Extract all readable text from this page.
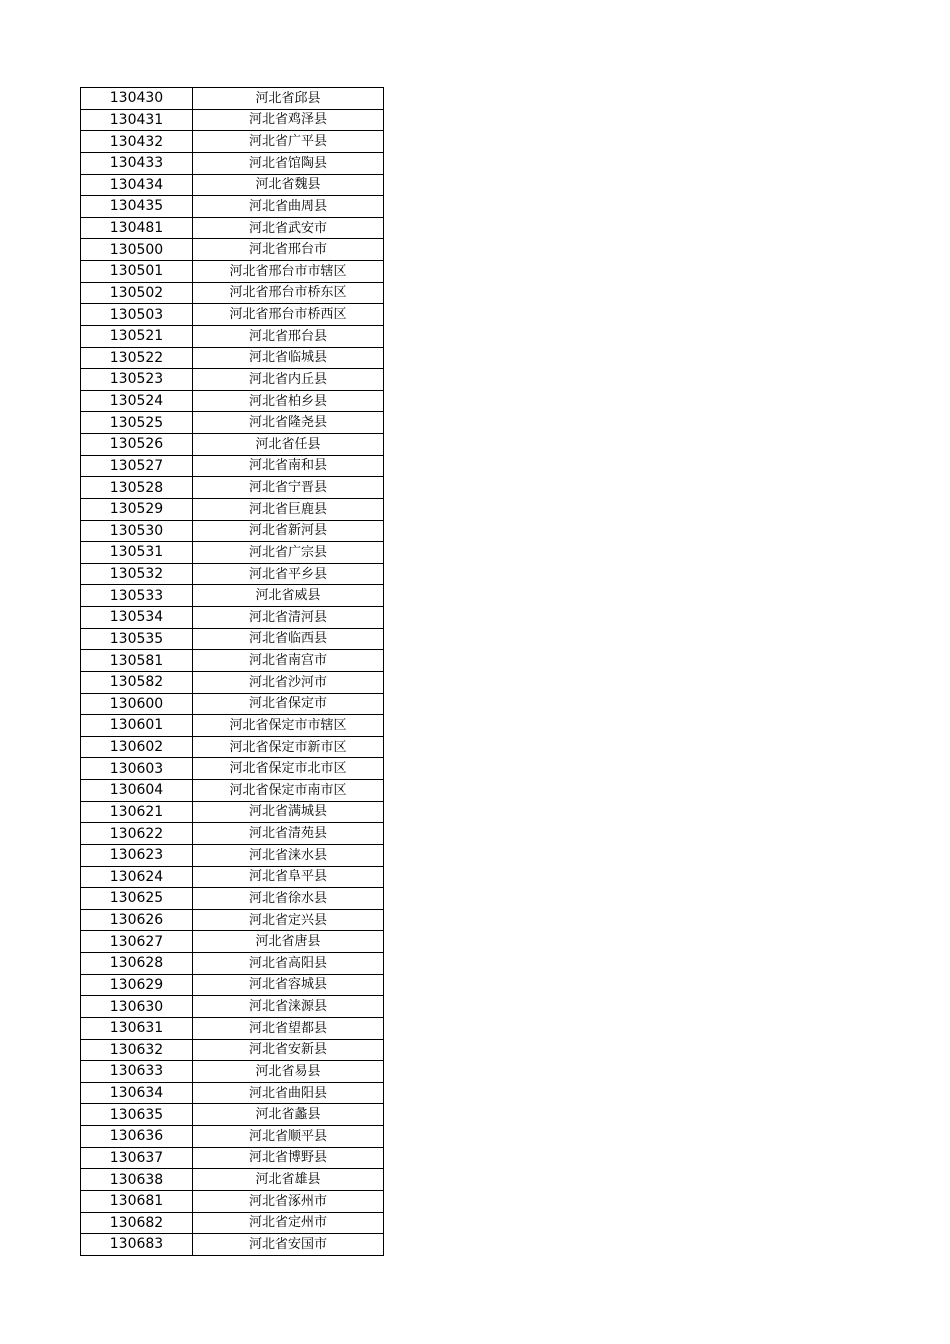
130430	河北省邱县
130431	河北省鸡泽县
130432	河北省广平县
130433	河北省馆陶县
130434	河北省魏县
130435	河北省曲周县
130481	河北省武安市
130500	河北省邢台市
130501	河北省邢台市市辖区
130502	河北省邢台市桥东区
130503	河北省邢台市桥西区
130521	河北省邢台县
130522	河北省临城县
130523	河北省内丘县
130524	河北省柏乡县
130525	河北省隆尧县
130526	河北省任县
130527	河北省南和县
130528	河北省宁晋县
130529	河北省巨鹿县
130530	河北省新河县
130531	河北省广宗县
130532	河北省平乡县
130533	河北省威县
130534	河北省清河县
130535	河北省临西县
130581	河北省南宫市
130582	河北省沙河市
130600	河北省保定市
130601	河北省保定市市辖区
130602	河北省保定市新市区
130603	河北省保定市北市区
130604	河北省保定市南市区
130621	河北省满城县
130622	河北省清苑县
130623	河北省涞水县
130624	河北省阜平县
130625	河北省徐水县
130626	河北省定兴县
130627	河北省唐县
130628	河北省高阳县
130629	河北省容城县
130630	河北省涞源县
130631	河北省望都县
130632	河北省安新县
130633	河北省易县
130634	河北省曲阳县
130635	河北省蠡县
130636	河北省顺平县
130637	河北省博野县
130638	河北省雄县
130681	河北省涿州市
130682	河北省定州市
130683	河北省安国市
